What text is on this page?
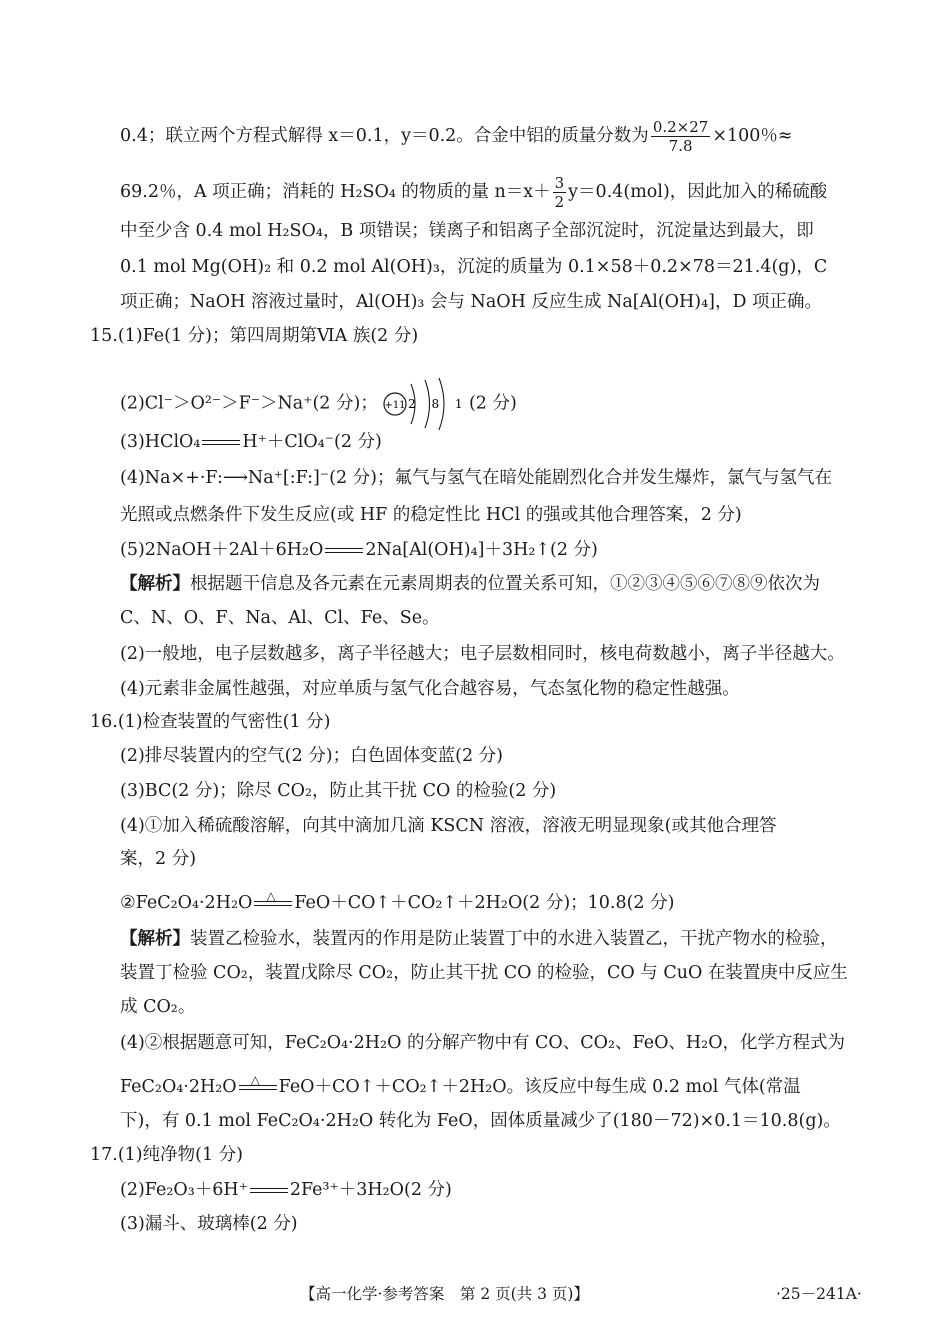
0.4；联立两个方程式解得 x＝0.1，y＝0.2。合金中铝的质量分数为 $\frac{0.2\times 27}{7.8} \times 100$％≈
69.2％，A 项正确；消耗的 H₂SO₄ 的物质的量 $n=x+ \frac{3}{2} y=0.4(mol)$，因此加入的稀硫酸
中至少含 0.4 mol H₂SO₄，B 项错误；镁离子和铝离子全部沉淀时，沉淀量达到最大，即
0.1 mol Mg(OH)₂ 和 0.2 mol Al(OH)₃，沉淀的质量为 0.1×58＋0.2×78＝21.4(g)，C
项正确；NaOH 溶液过量时，Al(OH)₃ 会与 NaOH 反应生成 Na[Al(OH)₄]，D 项正确。
15.(1)Fe(1 分)；第四周期第ⅥA 族(2 分)
(2)Cl⁻＞O²⁻＞F⁻＞Na⁺(2 分)； +11 2 8 1 (2 分)
(3)HClO₄ H⁺＋ClO₄⁻(2 分)
(4)Na×+·F:⟶Na⁺[:F:]⁻(2 分)；氟气与氢气在暗处能剧烈化合并发生爆炸，氯气与氢气在
光照或点燃条件下发生反应(或 HF 的稳定性比 HCl 的强或其他合理答案，2 分)
(5)2NaOH＋2Al＋6H₂O 2Na[Al(OH)₄]＋3H₂↑(2 分)
【解析】根据题干信息及各元素在元素周期表的位置关系可知，①②③④⑤⑥⑦⑧⑨依次为
C、N、O、F、Na、Al、Cl、Fe、Se。
(2)一般地，电子层数越多，离子半径越大；电子层数相同时，核电荷数越小，离子半径越大。
(4)元素非金属性越强，对应单质与氢气化合越容易，气态氢化物的稳定性越强。
16.(1)检查装置的气密性(1 分)
(2)排尽装置内的空气(2 分)；白色固体变蓝(2 分)
(3)BC(2 分)；除尽 CO₂，防止其干扰 CO 的检验(2 分)
(4)①加入稀硫酸溶解，向其中滴加几滴 KSCN 溶液，溶液无明显现象(或其他合理答
案，2 分)
②FeC₂O₄·2H₂O △ FeO＋CO↑＋CO₂↑＋2H₂O(2 分)；10.8(2 分)
【解析】装置乙检验水，装置丙的作用是防止装置丁中的水进入装置乙，干扰产物水的检验，
装置丁检验 CO₂，装置戊除尽 CO₂，防止其干扰 CO 的检验，CO 与 CuO 在装置庚中反应生
成 CO₂。
(4)②根据题意可知，FeC₂O₄·2H₂O 的分解产物中有 CO、CO₂、FeO、H₂O，化学方程式为
FeC₂O₄·2H₂O △ FeO＋CO↑＋CO₂↑＋2H₂O。该反应中每生成 0.2 mol 气体(常温
下)，有 0.1 mol FeC₂O₄·2H₂O 转化为 FeO，固体质量减少了(180－72)×0.1＝10.8(g)。
17.(1)纯净物(1 分)
(2)Fe₂O₃＋6H⁺ 2Fe³⁺＋3H₂O(2 分)
(3)漏斗、玻璃棒(2 分)
【高一化学·参考答案　第 2 页(共 3 页)】	·25－241A·
